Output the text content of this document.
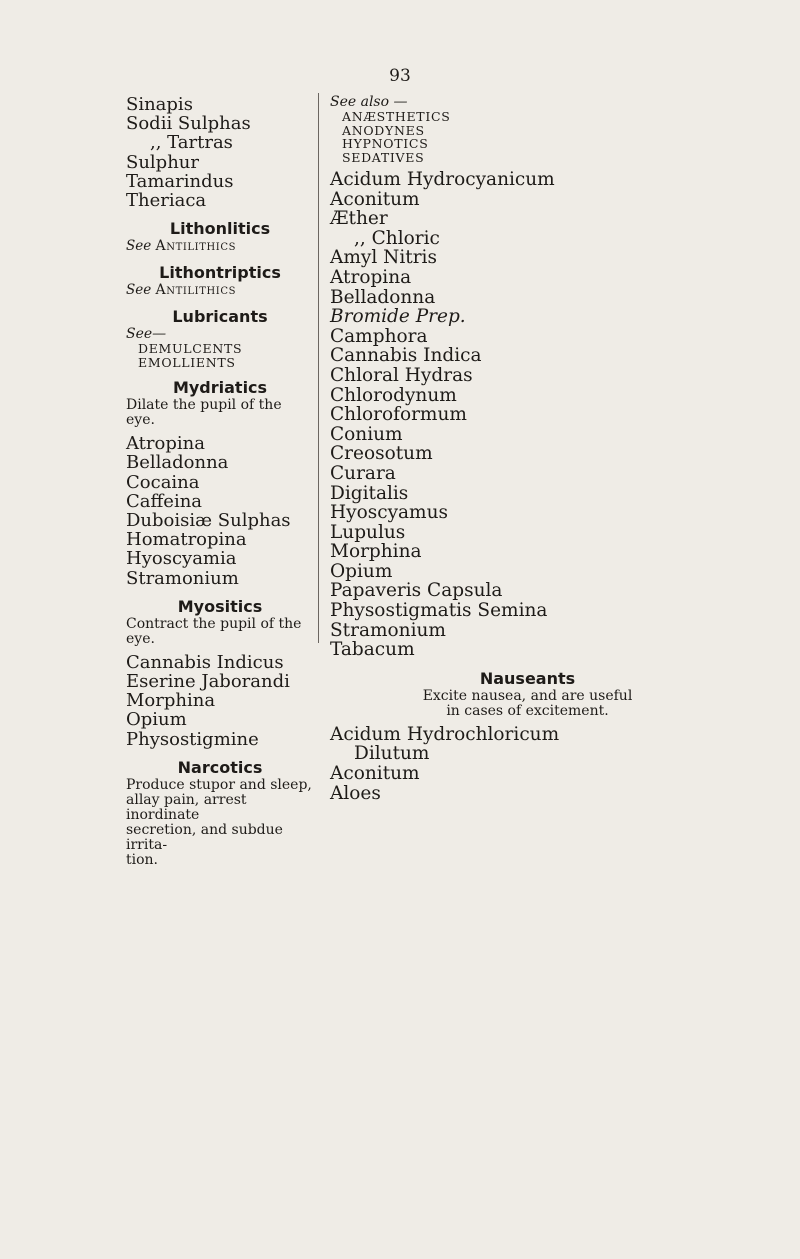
93
Sinapis
Sodii Sulphas
,, Tartras
Sulphur
Tamarindus
Theriaca
Lithonlitics
See Antilithics
Lithontriptics
See Antilithics
Lubricants
See—
DEMULCENTS
EMOLLIENTS
Mydriatics
Dilate the pupil of the eye.
Atropina
Belladonna
Cocaina
Caffeina
Duboisiæ Sulphas
Homatropina
Hyoscyamia
Stramonium
Myositics
Contract the pupil of the eye.
Cannabis Indicus
Eserine Jaborandi
Morphina
Opium
Physostigmine
Narcotics
Produce stupor and sleep,
allay pain, arrest inordinate
secretion, and subdue irrita-
tion.
See also —
ANÆSTHETICS
ANODYNES
HYPNOTICS
SEDATIVES
Acidum Hydrocyanicum
Aconitum
Æther
,, Chloric
Amyl Nitris
Atropina
Belladonna
Bromide Prep.
Camphora
Cannabis Indica
Chloral Hydras
Chlorodynum
Chloroformum
Conium
Creosotum
Curara
Digitalis
Hyoscyamus
Lupulus
Morphina
Opium
Papaveris Capsula
Physostigmatis Semina
Stramonium
Tabacum
Nauseants
Excite nausea, and are useful
in cases of excitement.
Acidum Hydrochloricum
Dilutum
Aconitum
Aloes
